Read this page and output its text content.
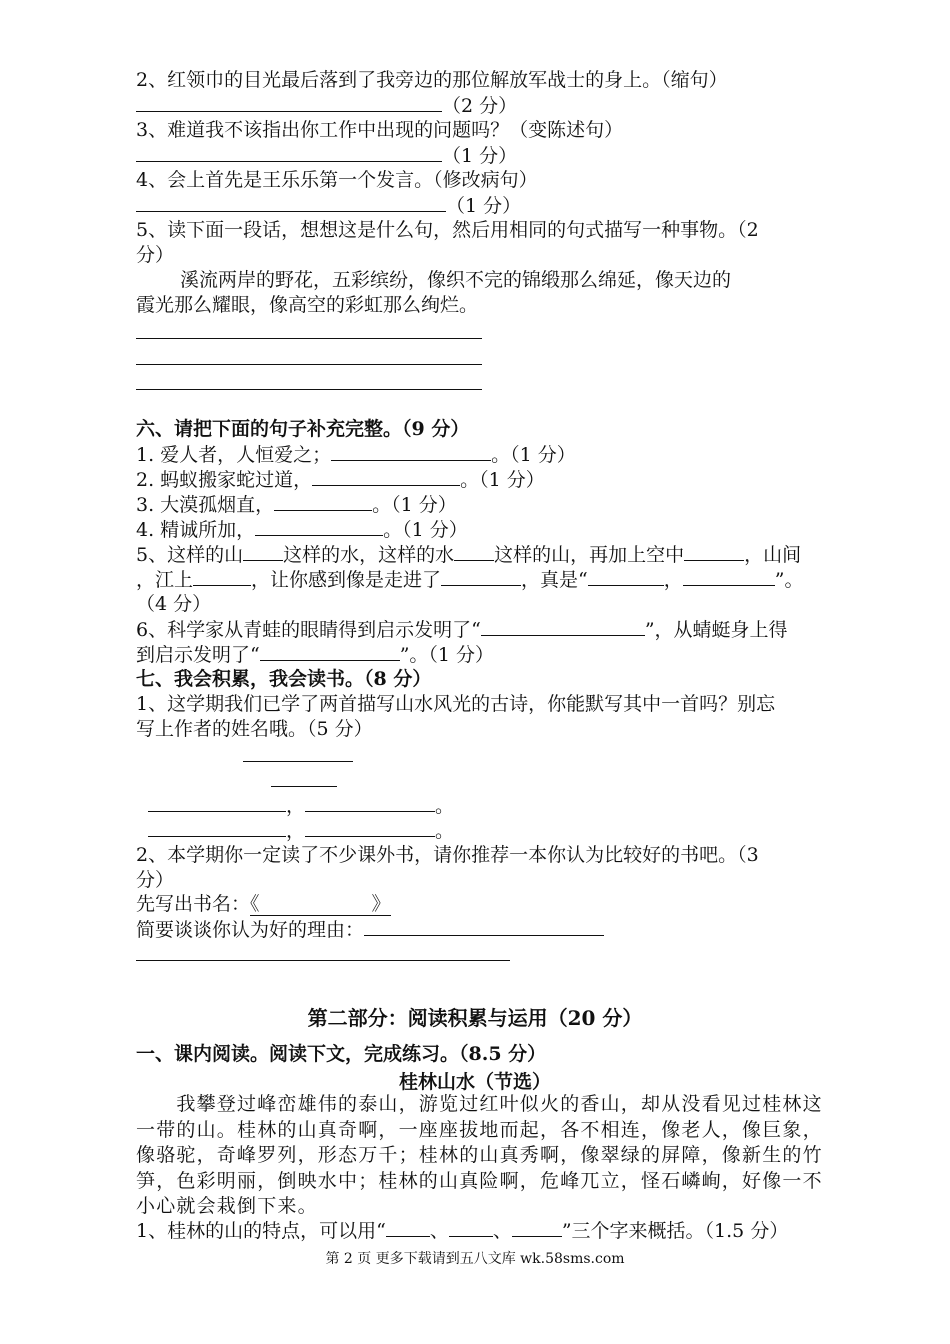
2、红领巾的目光最后落到了我旁边的那位解放军战士的身上。（缩句）
（2 分）
3、难道我不该指出你工作中出现的问题吗？（变陈述句）
（1 分）
4、会上首先是王乐乐第一个发言。（修改病句）
（1 分）
5、读下面一段话，想想这是什么句，然后用相同的句式描写一种事物。（2
分）
溪流两岸的野花，五彩缤纷，像织不完的锦缎那么绵延，像天边的
霞光那么耀眼，像高空的彩虹那么绚烂。
六、请把下面的句子补充完整。（9 分）
1. 爱人者，人恒爱之；	。（1 分）
2. 蚂蚁搬家蛇过道，	。（1 分）
3. 大漠孤烟直，	。（1 分）
4. 精诚所加，	。（1 分）
5、这样的山 这样的水，这样的水 这样的山，再加上空中	，山间
，江上	，让你感到像是走进了	，真是“	，	”。
（4 分）
6、科学家从青蛙的眼睛得到启示发明了“	”，从蜻蜓身上得
到启示发明了“	”。（1 分）
七、我会积累，我会读书。（8 分）
1、这学期我们已学了两首描写山水风光的古诗，你能默写其中一首吗？别忘
写上作者的姓名哦。（5 分）
，	。
，	。
2、本学期你一定读了不少课外书，请你推荐一本你认为比较好的书吧。（3
分）
先写出书名：《	》
简要谈谈你认为好的理由：
第二部分：阅读积累与运用（20 分）
一、课内阅读。阅读下文，完成练习。（8.5 分）
桂林山水（节选）
　　我攀登过峰峦雄伟的泰山，游览过红叶似火的香山，却从没看见过桂林这
一带的山。桂林的山真奇啊，一座座拔地而起，各不相连，像老人，像巨象，
像骆驼，奇峰罗列，形态万千；桂林的山真秀啊，像翠绿的屏障，像新生的竹
笋，色彩明丽，倒映水中；桂林的山真险啊，危峰兀立，怪石嶙峋，好像一不
小心就会栽倒下来。
1、桂林的山的特点，可以用“ 、 、	”三个字来概括。（1.5 分）
第 2 页 更多下载请到五八文库 wk.58sms.com
